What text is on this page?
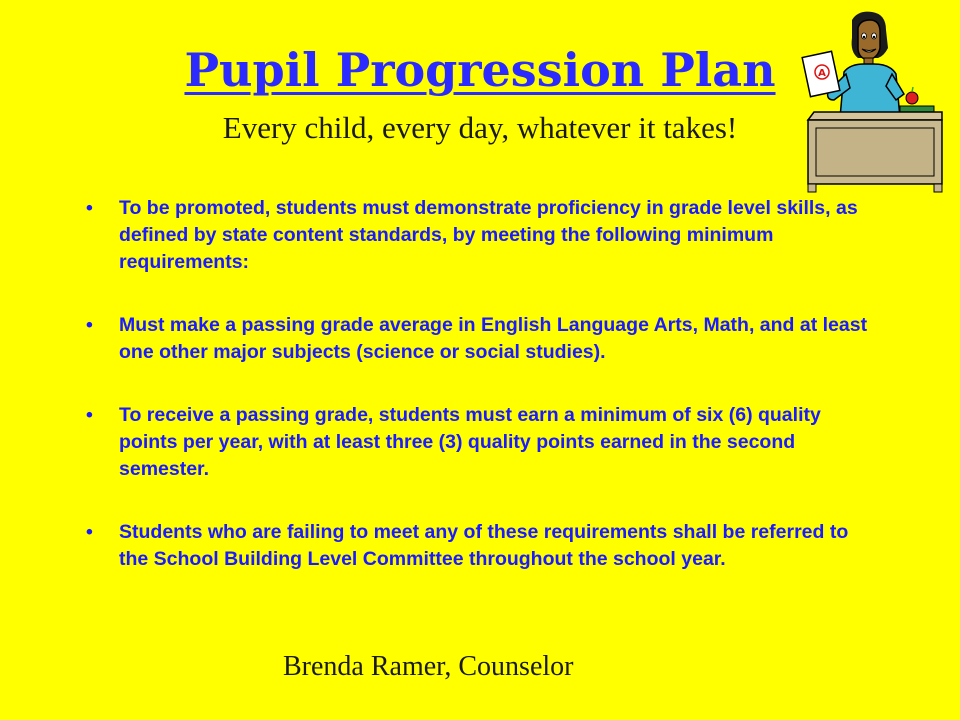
Pupil Progression Plan

Every child, every day, whatever it takes!

• To be promoted, students must demonstrate proficiency in grade level skills, as defined by state content standards, by meeting the following minimum requirements:
• Must make a passing grade average in English Language Arts, Math, and at least one other major subjects (science or social studies).
• To receive a passing grade, students must earn a minimum of six (6) quality points per year, with at least three (3) quality points earned in the second semester.
• Students who are failing to meet any of these requirements shall be referred to the School Building Level Committee throughout the school year.

Brenda Ramer, Counselor

A
